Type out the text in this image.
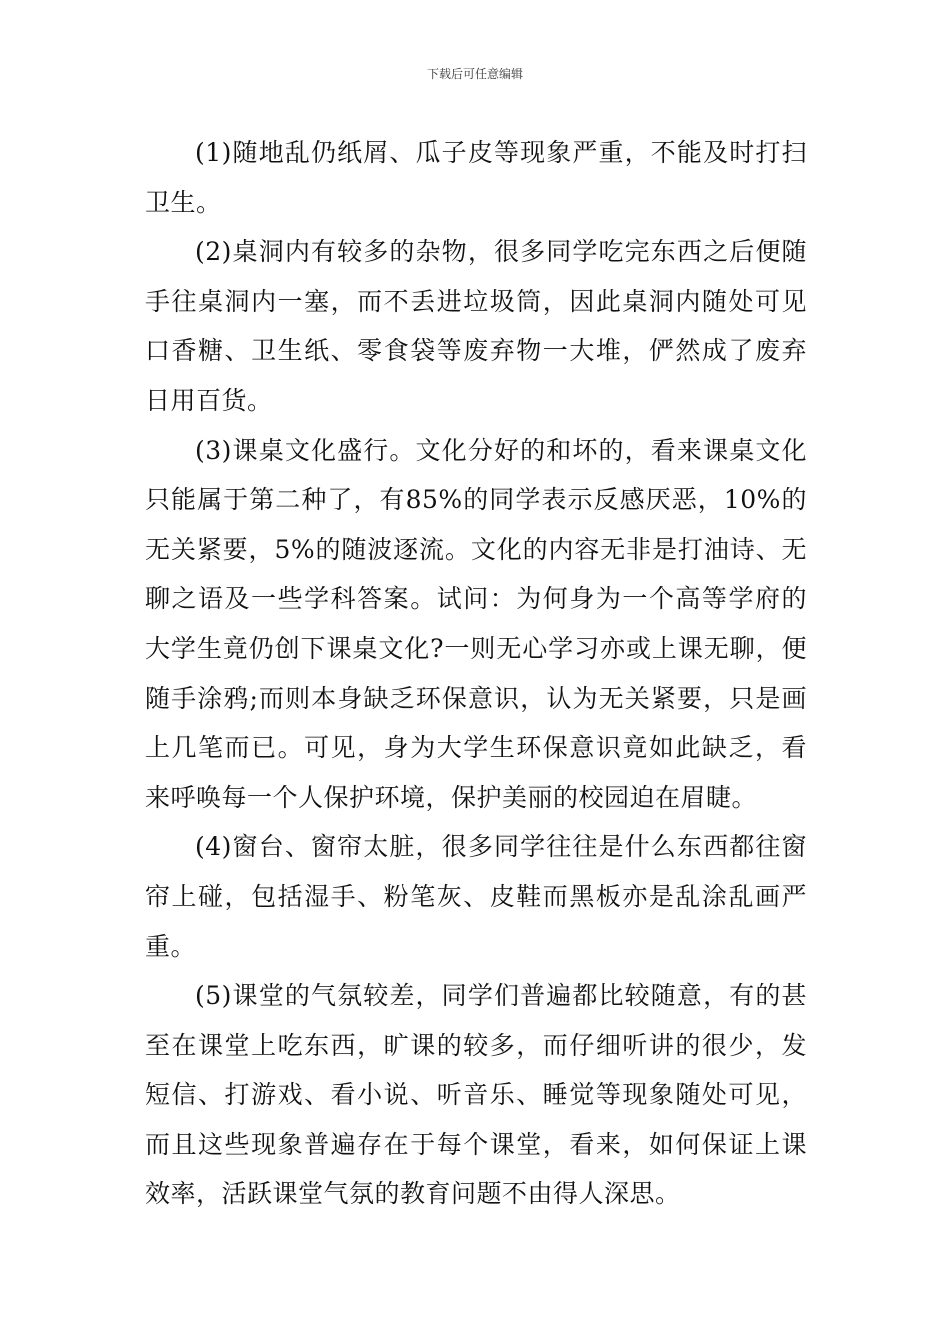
下载后可任意编辑

(1)随地乱仍纸屑、瓜子皮等现象严重，不能及时打扫卫生。

(2)桌洞内有较多的杂物，很多同学吃完东西之后便随手往桌洞内一塞，而不丢进垃圾筒，因此桌洞内随处可见口香糖、卫生纸、零食袋等废弃物一大堆，俨然成了废弃日用百货。

(3)课桌文化盛行。文化分好的和坏的，看来课桌文化只能属于第二种了，有85%的同学表示反感厌恶，10%的无关紧要，5%的随波逐流。文化的内容无非是打油诗、无聊之语及一些学科答案。试问：为何身为一个高等学府的大学生竟仍创下课桌文化?一则无心学习亦或上课无聊，便随手涂鸦;而则本身缺乏环保意识，认为无关紧要，只是画上几笔而已。可见，身为大学生环保意识竟如此缺乏，看来呼唤每一个人保护环境，保护美丽的校园迫在眉睫。

(4)窗台、窗帘太脏，很多同学往往是什么东西都往窗帘上碰，包括湿手、粉笔灰、皮鞋而黑板亦是乱涂乱画严重。

(5)课堂的气氛较差，同学们普遍都比较随意，有的甚至在课堂上吃东西，旷课的较多，而仔细听讲的很少，发短信、打游戏、看小说、听音乐、睡觉等现象随处可见，而且这些现象普遍存在于每个课堂，看来，如何保证上课效率，活跃课堂气氛的教育问题不由得人深思。
